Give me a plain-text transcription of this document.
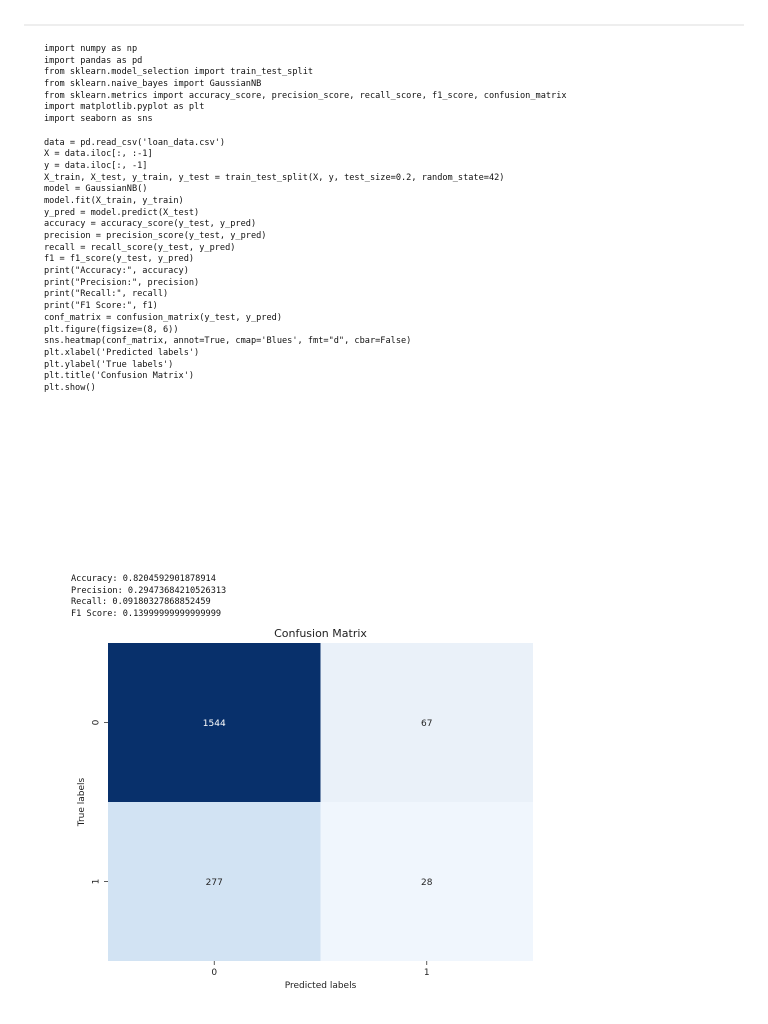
import numpy as np
import pandas as pd
from sklearn.model_selection import train_test_split
from sklearn.naive_bayes import GaussianNB
from sklearn.metrics import accuracy_score, precision_score, recall_score, f1_score, confusion_matrix
import matplotlib.pyplot as plt
import seaborn as sns
data = pd.read_csv('loan_data.csv')
X = data.iloc[:, :-1]
y = data.iloc[:, -1]
X_train, X_test, y_train, y_test = train_test_split(X, y, test_size=0.2, random_state=42)
model = GaussianNB()
model.fit(X_train, y_train)
y_pred = model.predict(X_test)
accuracy = accuracy_score(y_test, y_pred)
precision = precision_score(y_test, y_pred)
recall = recall_score(y_test, y_pred)
f1 = f1_score(y_test, y_pred)
print("Accuracy:", accuracy)
print("Precision:", precision)
print("Recall:", recall)
print("F1 Score:", f1)
conf_matrix = confusion_matrix(y_test, y_pred)
plt.figure(figsize=(8, 6))
sns.heatmap(conf_matrix, annot=True, cmap='Blues', fmt="d", cbar=False)
plt.xlabel('Predicted labels')
plt.ylabel('True labels')
plt.title('Confusion Matrix')
plt.show()
Accuracy: 0.8204592901878914
Precision: 0.29473684210526313
Recall: 0.09180327868852459
F1 Score: 0.13999999999999999
1544	67
277	28
Confusion Matrix
0	1
0
1
Predicted labels
True labels
